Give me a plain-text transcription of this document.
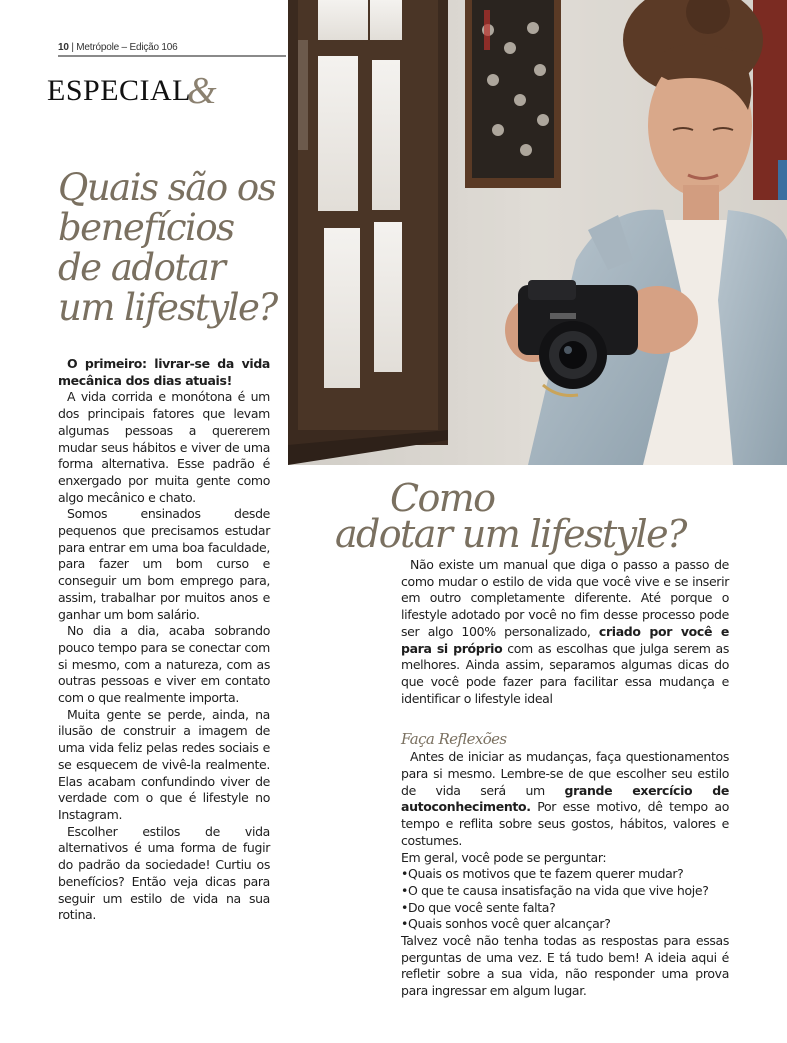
10 | Metrópole – Edição 106
ESPECIAL&
Quais são os benefícios de adotar um lifestyle?

O primeiro: livrar-se da vida mecânica dos dias atuais!

A vida corrida e monótona é um dos principais fatores que levam algumas pessoas a quererem mudar seus hábitos e viver de uma forma alternativa. Esse padrão é enxergado por muita gente como algo mecânico e chato.

Somos ensinados desde pequenos que precisamos estudar para entrar em uma boa faculdade, para fazer um bom curso e conseguir um bom emprego para, assim, trabalhar por muitos anos e ganhar um bom salário.

No dia a dia, acaba sobrando pouco tempo para se conectar com si mesmo, com a natureza, com as outras pessoas e viver em contato com o que realmente importa.

Muita gente se perde, ainda, na ilusão de construir a imagem de uma vida feliz pelas redes sociais e se esquecem de vivê-la realmente. Elas acabam confundindo viver de verdade com o que é lifestyle no Instagram.

Escolher estilos de vida alternativos é uma forma de fugir do padrão da sociedade! Curtiu os benefícios? Então veja dicas para seguir um estilo de vida na sua rotina.

Como
adotar um lifestyle?

Não existe um manual que diga o passo a passo de como mudar o estilo de vida que você vive e se inserir em outro completamente diferente. Até porque o lifestyle adotado por você no fim desse processo pode ser algo 100% personalizado, criado por você e para si próprio com as escolhas que julga serem as melhores. Ainda assim, separamos algumas dicas do que você pode fazer para facilitar essa mudança e identificar o lifestyle ideal

Faça Reflexões

Antes de iniciar as mudanças, faça questionamentos para si mesmo. Lembre-se de que escolher seu estilo de vida será um grande exercício de autoconhecimento. Por esse motivo, dê tempo ao tempo e reflita sobre seus gostos, hábitos, valores e costumes.

Em geral, você pode se perguntar:

• Quais os motivos que te fazem querer mudar?
• O que te causa insatisfação na vida que vive hoje?
• Do que você sente falta?
• Quais sonhos você quer alcançar?

Talvez você não tenha todas as respostas para essas perguntas de uma vez. E tá tudo bem! A ideia aqui é refletir sobre a sua vida, não responder uma prova para ingressar em algum lugar.
